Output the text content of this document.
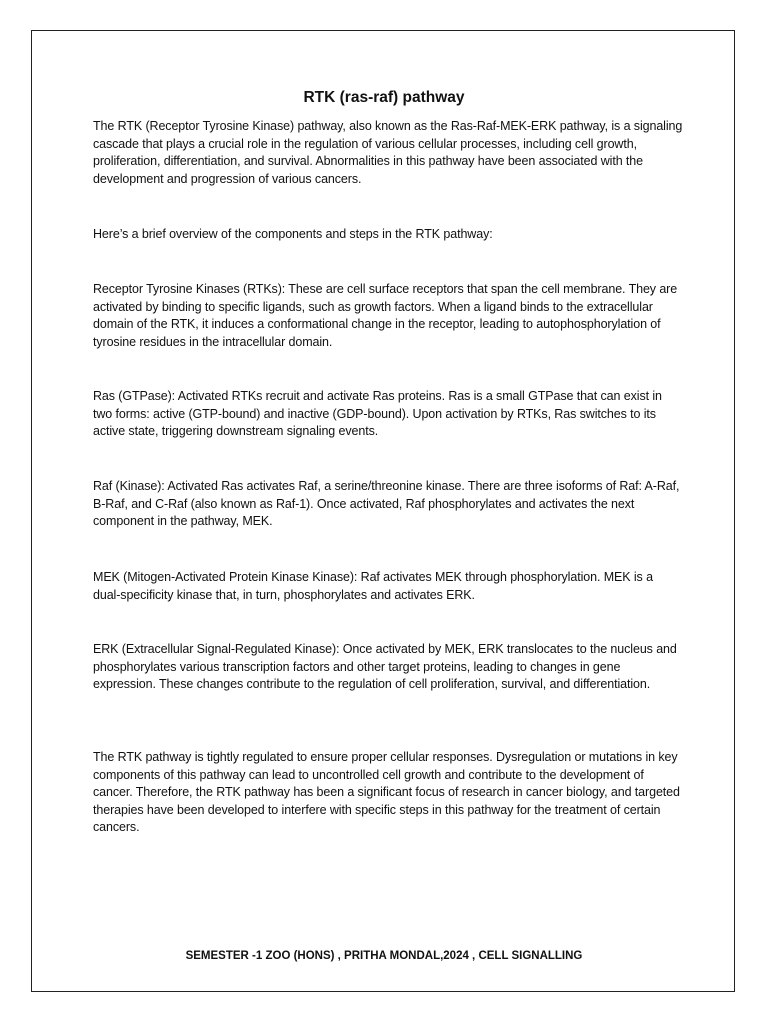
RTK (ras-raf) pathway

The RTK (Receptor Tyrosine Kinase) pathway, also known as the Ras-Raf-MEK-ERK pathway, is a signaling cascade that plays a crucial role in the regulation of various cellular processes, including cell growth, proliferation, differentiation, and survival. Abnormalities in this pathway have been associated with the development and progression of various cancers.

Here’s a brief overview of the components and steps in the RTK pathway:

Receptor Tyrosine Kinases (RTKs): These are cell surface receptors that span the cell membrane. They are activated by binding to specific ligands, such as growth factors. When a ligand binds to the extracellular domain of the RTK, it induces a conformational change in the receptor, leading to autophosphorylation of tyrosine residues in the intracellular domain.

Ras (GTPase): Activated RTKs recruit and activate Ras proteins. Ras is a small GTPase that can exist in two forms: active (GTP-bound) and inactive (GDP-bound). Upon activation by RTKs, Ras switches to its active state, triggering downstream signaling events.

Raf (Kinase): Activated Ras activates Raf, a serine/threonine kinase. There are three isoforms of Raf: A-Raf, B-Raf, and C-Raf (also known as Raf-1). Once activated, Raf phosphorylates and activates the next component in the pathway, MEK.

MEK (Mitogen-Activated Protein Kinase Kinase): Raf activates MEK through phosphorylation. MEK is a dual-specificity kinase that, in turn, phosphorylates and activates ERK.

ERK (Extracellular Signal-Regulated Kinase): Once activated by MEK, ERK translocates to the nucleus and phosphorylates various transcription factors and other target proteins, leading to changes in gene expression. These changes contribute to the regulation of cell proliferation, survival, and differentiation.

The RTK pathway is tightly regulated to ensure proper cellular responses. Dysregulation or mutations in key components of this pathway can lead to uncontrolled cell growth and contribute to the development of cancer. Therefore, the RTK pathway has been a significant focus of research in cancer biology, and targeted therapies have been developed to interfere with specific steps in this pathway for the treatment of certain cancers.

SEMESTER -1 ZOO (HONS) , PRITHA MONDAL,2024 , CELL SIGNALLING
